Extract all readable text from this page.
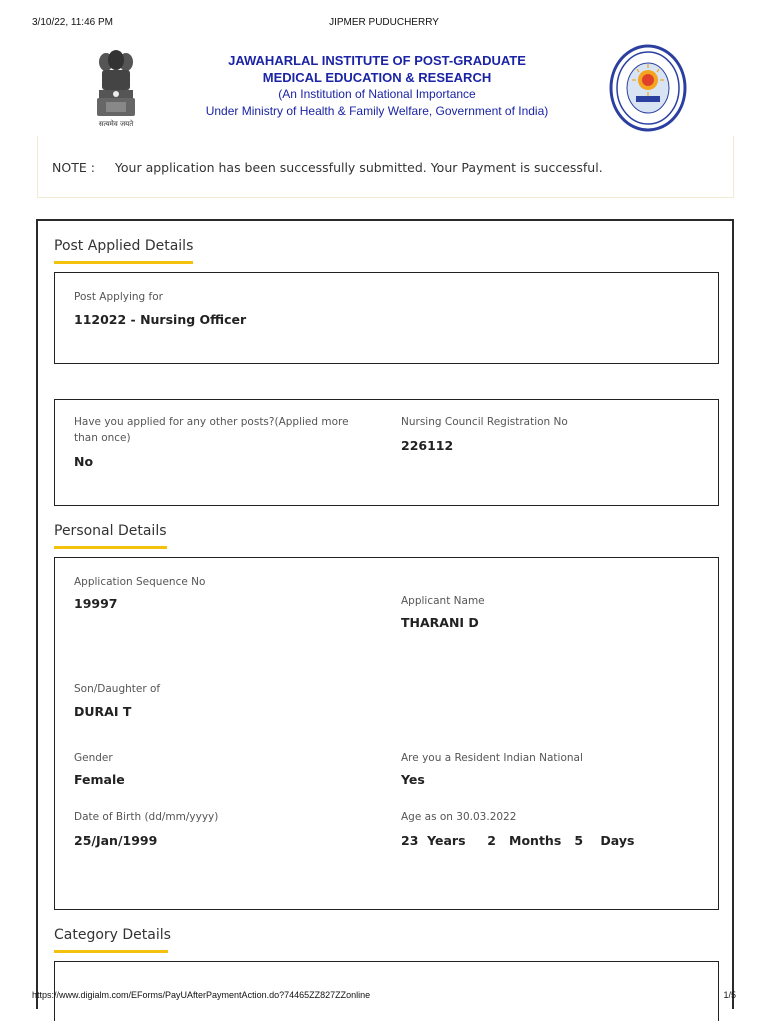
3/10/22, 11:46 PM	JIPMER PUDUCHERRY
सत्यमेव जयते
JAWAHARLAL INSTITUTE OF POST-GRADUATE
MEDICAL EDUCATION & RESEARCH
(An Institution of National Importance
Under Ministry of Health & Family Welfare, Government of India)
NOTE : Your application has been successfully submitted. Your Payment is successful.
Post Applied Details
Post Applying for
112022 - Nursing Officer
Have you applied for any other posts?(Applied more than once)
No
Nursing Council Registration No
226112
Personal Details
Application Sequence No
19997	Applicant Name
THARANI D
Son/Daughter of
DURAI T
Gender
Female
Are you a Resident Indian National
Yes
Date of Birth (dd/mm/yyyy)
25/Jan/1999
Age as on 30.03.2022
23  Years     2   Months   5    Days
Category Details
https://www.digialm.com/EForms/PayUAfterPaymentAction.do?74465ZZ827ZZonline	1/5
